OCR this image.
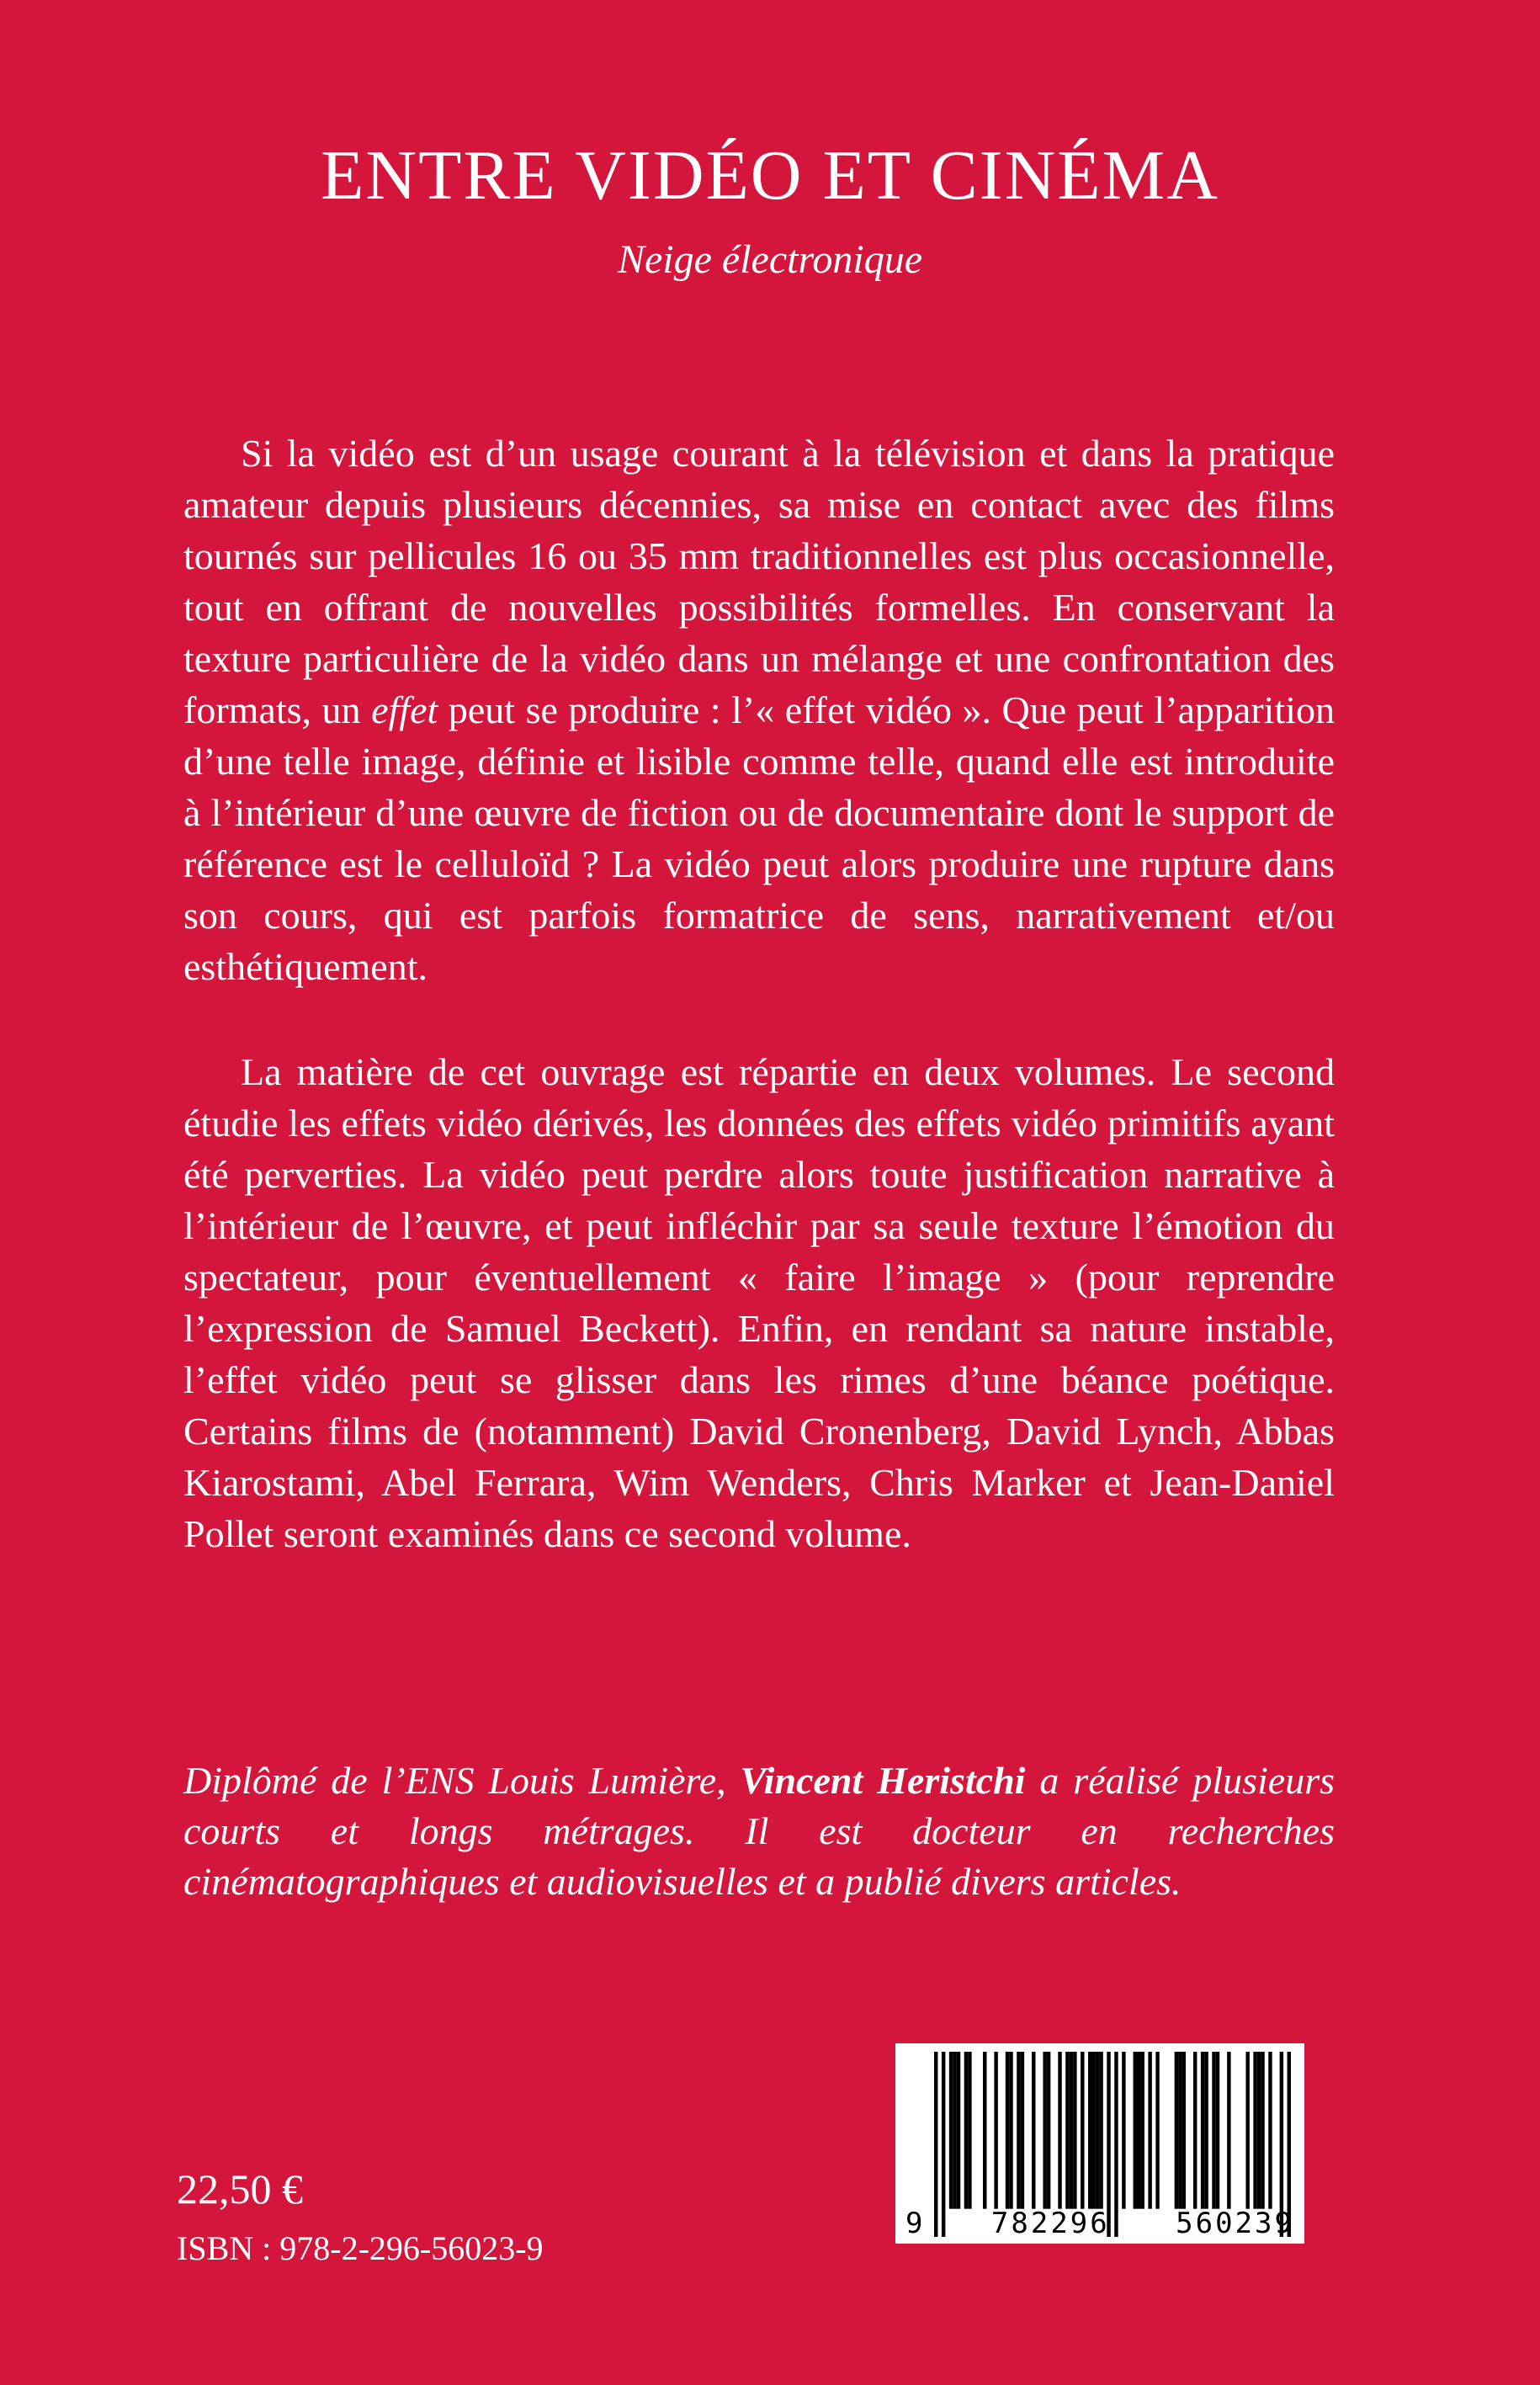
ENTRE VIDÉO ET CINÉMA
Neige électronique

Si la vidéo est d’un usage courant à la télévision et dans la pratique amateur depuis plusieurs décennies, sa mise en contact avec des films tournés sur pellicules 16 ou 35 mm traditionnelles est plus occasionnelle, tout en offrant de nouvelles possibilités formelles. En conservant la texture particulière de la vidéo dans un mélange et une confrontation des formats, un effet peut se produire : l’« effet vidéo ». Que peut l’apparition d’une telle image, définie et lisible comme telle, quand elle est introduite à l’intérieur d’une œuvre de fiction ou de documentaire dont le support de référence est le celluloïd ? La vidéo peut alors produire une rupture dans son cours, qui est parfois formatrice de sens, narrativement et/ou esthétiquement.

La matière de cet ouvrage est répartie en deux volumes. Le second étudie les effets vidéo dérivés, les données des effets vidéo primitifs ayant été perverties. La vidéo peut perdre alors toute justification narrative à l’intérieur de l’œuvre, et peut infléchir par sa seule texture l’émotion du spectateur, pour éventuellement « faire l’image » (pour reprendre l’expression de Samuel Beckett). Enfin, en rendant sa nature instable, l’effet vidéo peut se glisser dans les rimes d’une béance poétique. Certains films de (notamment) David Cronenberg, David Lynch, Abbas Kiarostami, Abel Ferrara, Wim Wenders, Chris Marker et Jean-Daniel Pollet seront examinés dans ce second volume.

Diplômé de l’ENS Louis Lumière, Vincent Heristchi a réalisé plusieurs courts et longs métrages. Il est docteur en recherches cinématographiques et audiovisuelles et a publié divers articles.
22,50 €
ISBN : 978-2-296-56023-9
9 782296 560239
